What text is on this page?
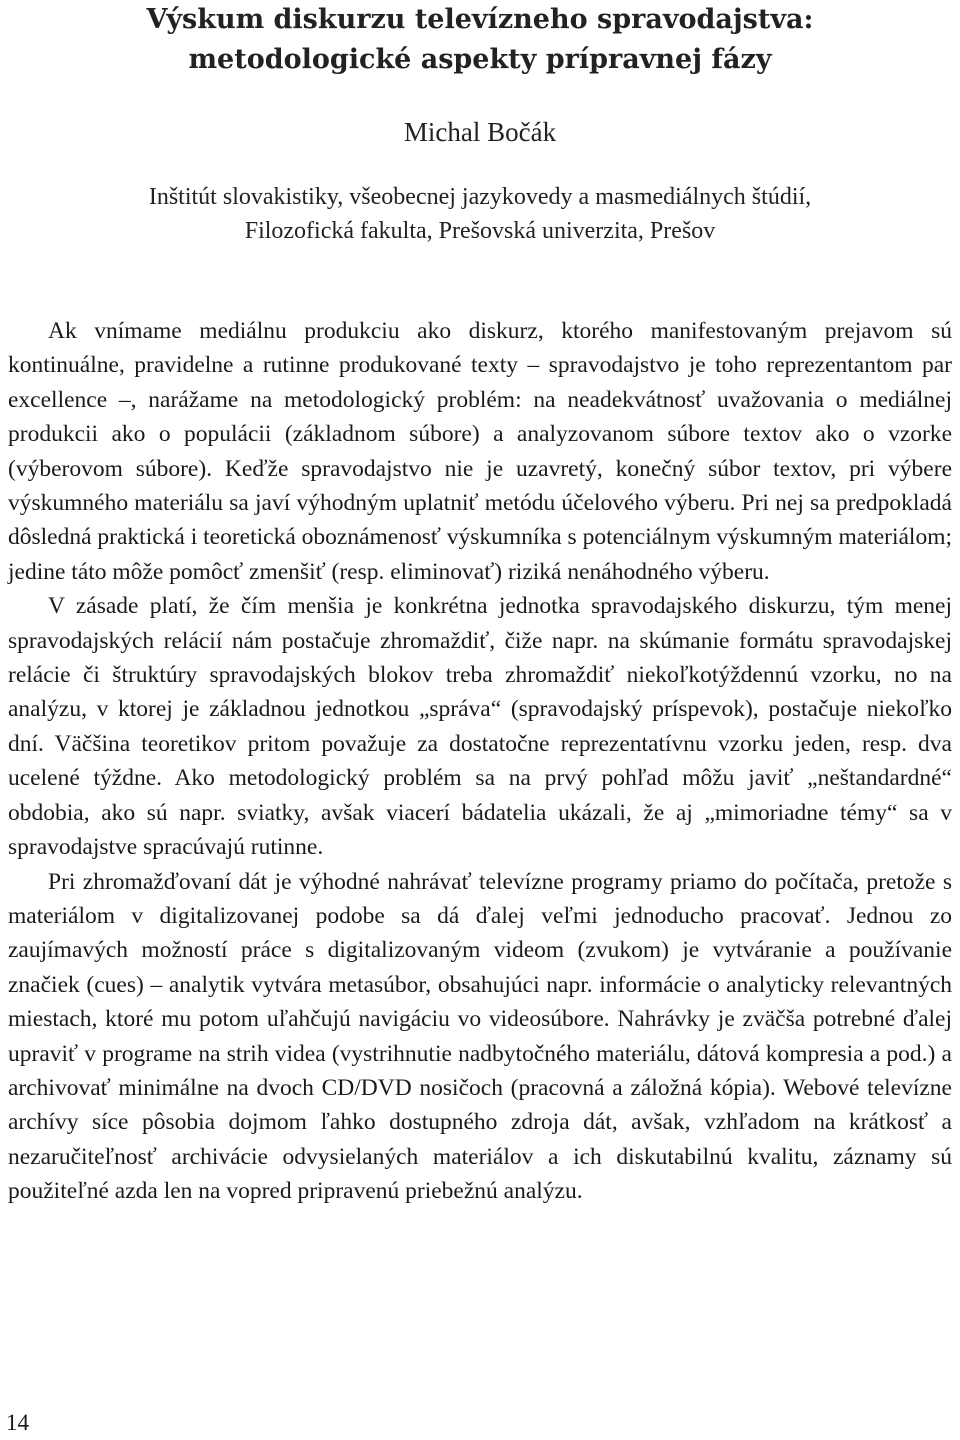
Výskum diskurzu televízneho spravodajstva:
metodologické aspekty prípravnej fázy

Michal Bočák

Inštitút slovakistiky, všeobecnej jazykovedy a masmediálnych štúdií,
Filozofická fakulta, Prešovská univerzita, Prešov

Ak vnímame mediálnu produkciu ako diskurz, ktorého manifestovaným prejavom sú kontinuálne, pravidelne a rutinne produkované texty – spravodajstvo je toho reprezentantom par excellence –, narážame na metodologický problém: na neadekvátnosť uvažovania o mediálnej produkcii ako o populácii (základnom súbore) a analyzovanom súbore textov ako o vzorke (výberovom súbore). Keďže spravodajstvo nie je uzavretý, konečný súbor textov, pri výbere výskumného materiálu sa javí výhodným uplatniť metódu účelového výberu. Pri nej sa predpokladá dôsledná praktická i teoretická oboznámenosť výskumníka s potenciálnym výskumným materiálom; jedine táto môže pomôcť zmenšiť (resp. eliminovať) riziká nenáhodného výberu.

V zásade platí, že čím menšia je konkrétna jednotka spravodajského diskurzu, tým menej spravodajských relácií nám postačuje zhromaždiť, čiže napr. na skúmanie formátu spravodajskej relácie či štruktúry spravodajských blokov treba zhromaždiť niekoľkotýždennú vzorku, no na analýzu, v ktorej je základnou jednotkou „správa“ (spravodajský príspevok), postačuje niekoľko dní. Väčšina teoretikov pritom považuje za dostatočne reprezentatívnu vzorku jeden, resp. dva ucelené týždne. Ako metodologický problém sa na prvý pohľad môžu javiť „neštandardné“ obdobia, ako sú napr. sviatky, avšak viacerí bádatelia ukázali, že aj „mimoriadne témy“ sa v spravodajstve spracúvajú rutinne.

Pri zhromažďovaní dát je výhodné nahrávať televízne programy priamo do počítača, pretože s materiálom v digitalizovanej podobe sa dá ďalej veľmi jednoducho pracovať. Jednou zo zaujímavých možností práce s digitalizovaným videom (zvukom) je vytváranie a používanie značiek (cues) – analytik vytvára metasúbor, obsahujúci napr. informácie o analyticky relevantných miestach, ktoré mu potom uľahčujú navigáciu vo videosúbore. Nahrávky je zväčša potrebné ďalej upraviť v programe na strih videa (vystrihnutie nadbytočného materiálu, dátová kompresia a pod.) a archivovať minimálne na dvoch CD/DVD nosičoch (pracovná a záložná kópia). Webové televízne archívy síce pôsobia dojmom ľahko dostupného zdroja dát, avšak, vzhľadom na krátkosť a nezaručiteľnosť archivácie odvysielaných materiálov a ich diskutabilnú kvalitu, záznamy sú použiteľné azda len na vopred pripravenú priebežnú analýzu.

14
